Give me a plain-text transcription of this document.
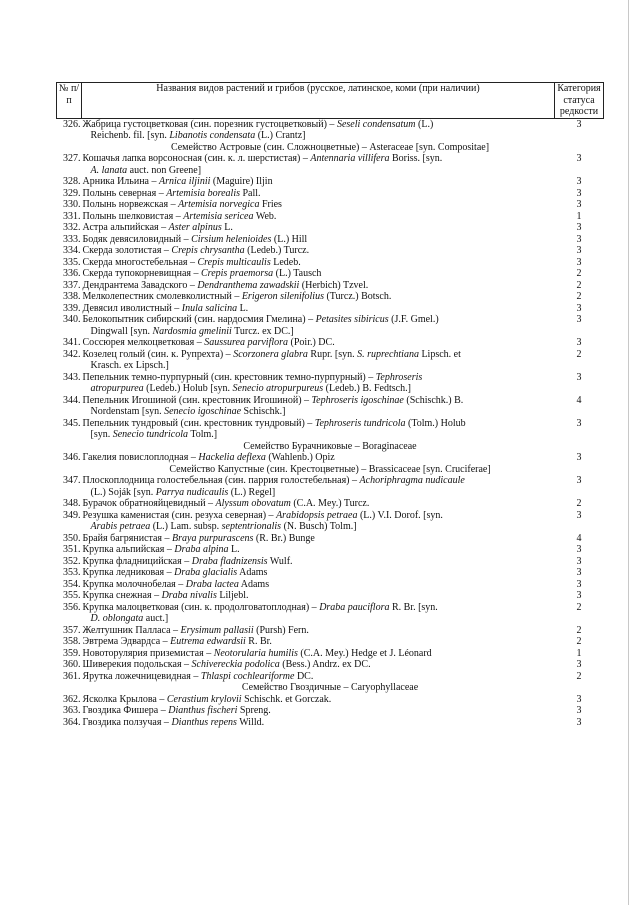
№ п/п	Названия видов растений и грибов (русское, латинское, коми (при наличии)	Категория статуса редкости
326.	Жабрица густоцветковая (син. порезник густоцветковый) – Seseli condensatum (L.)
Reichenb. fil. [syn. Libanotis condensata (L.) Crantz]	3
Семейство Астровые (син. Сложноцветные) – Asteraceae [syn. Compositae]		
327.	Кошачья лапка ворсоносная (син. к. л. шерстистая) – Antennaria villifera Boriss. [syn.
A. lanata auct. non Greene]	3
328.	Арника Ильина – Arnica iljinii (Maguire) Iljin	3
329.	Полынь северная – Artemisia borealis Pall.	3
330.	Полынь норвежская – Artemisia norvegica Fries	3
331.	Полынь шелковистая – Artemisia sericea Web.	1
332.	Астра альпийская – Aster alpinus L.	3
333.	Бодяк девясиловидный – Cirsium helenioides (L.) Hill	3
334.	Скерда золотистая – Crepis chrysantha (Ledeb.) Turcz.	3
335.	Скерда многостебельная – Crepis multicaulis Ledeb.	3
336.	Скерда тупокорневищная – Crepis praemorsa (L.) Tausch	2
337.	Дендрантема Завадского – Dendranthema zawadskii (Herbich) Tzvel.	2
338.	Мелколепестник смолевколистный – Erigeron silenifolius (Turcz.) Botsch.	2
339.	Девясил иволистный – Inula salicina L.	3
340.	Белокопытник сибирский (син. нардосмия Гмелина) – Petasites sibiricus (J.F. Gmel.)
Dingwall [syn. Nardosmia gmelinii Turcz. ex DC.]	3
341.	Соссюрея мелкоцветковая – Saussurea parviflora (Poir.) DC.	3
342.	Козелец голый (син. к. Рупрехта) – Scorzonera glabra Rupr. [syn. S. ruprechtiana Lipsch. et
Krasch. ex Lipsch.]	2
343.	Пепельник темно-пурпурный (син. крестовник темно-пурпурный) – Tephroseris
atropurpurea (Ledeb.) Holub [syn. Senecio atropurpureus (Ledeb.) B. Fedtsch.]	3
344.	Пепельник Игошиной (син. крестовник Игошиной) – Tephroseris igoschinae (Schischk.) B.
Nordenstam [syn. Senecio igoschinae Schischk.]	4
345.	Пепельник тундровый (син. крестовник тундровый) – Tephroseris tundricola (Tolm.) Holub
[syn. Senecio tundricola Tolm.]	3
Семейство Бурачниковые – Boraginaceae		
346.	Гакелия повислоплодная – Hackelia deflexa (Wahlenb.) Opiz	3
Семейство Капустные (син. Крестоцветные) – Brassicaceae [syn. Cruciferae]		
347.	Плоскоплодница голостебельная (син. паррия голостебельная) – Achoriphragma nudicaule
(L.) Soják [syn. Parrya nudicaulis (L.) Regel]	3
348.	Бурачок обратнояйцевидный – Alyssum obovatum (C.A. Mey.) Turcz.	2
349.	Резушка каменистая (син. резуха северная) – Arabidopsis petraea (L.) V.I. Dorof. [syn.
Arabis petraea (L.) Lam. subsp. septentrionalis (N. Busch) Tolm.]	3
350.	Брайя багрянистая – Braya purpurascens (R. Br.) Bunge	4
351.	Крупка альпийская – Draba alpina L.	3
352.	Крупка фладницийская – Draba fladnizensis Wulf.	3
353.	Крупка ледниковая – Draba glacialis Adams	3
354.	Крупка молочнобелая – Draba lactea Adams	3
355.	Крупка снежная – Draba nivalis Liljebl.	3
356.	Крупка малоцветковая (син. к. продолговатоплодная) – Draba pauciflora R. Br. [syn.
D. oblongata auct.]	2
357.	Желтушник Палласа – Erysimum pallasii (Pursh) Fern.	2
358.	Эвтрема Эдвардса – Eutrema edwardsii R. Br.	2
359.	Новоторулярия приземистая – Neotorularia humilis (C.A. Mey.) Hedge et J. Léonard	1
360.	Шиверекия подольская – Schivereckia podolica (Bess.) Andrz. ex DC.	3
361.	Ярутка ложечницевидная – Thlaspi cochleariforme DC.	2
Семейство Гвоздичные – Caryophyllaceae		
362.	Ясколка Крылова – Cerastium krylovii Schischk. et Gorczak.	3
363.	Гвоздика Фишера – Dianthus fischeri Spreng.	3
364.	Гвоздика ползучая – Dianthus repens Willd.	3
